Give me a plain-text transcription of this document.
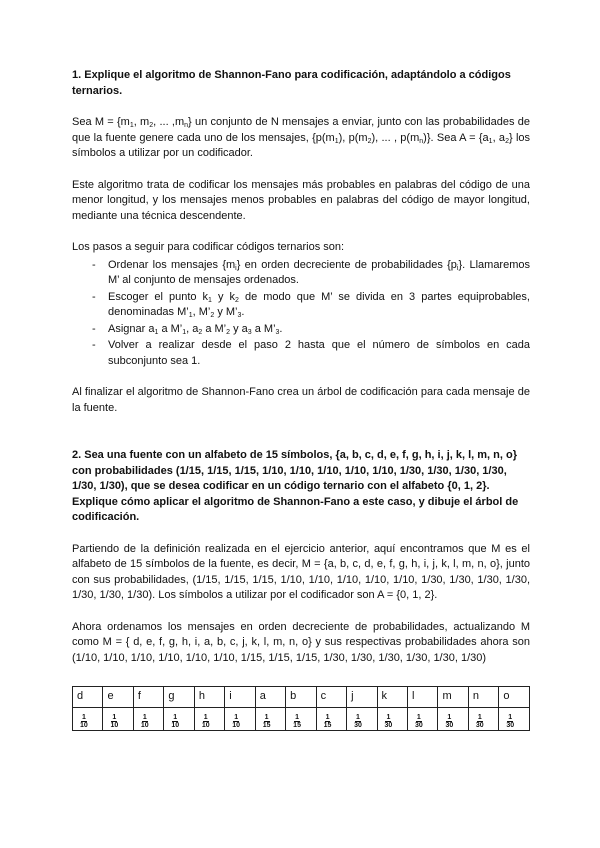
1. Explique el algoritmo de Shannon-Fano para codificación, adaptándolo a códigos ternarios.
Sea $M = \{m_1$, $m_2$, ... $,m_n$} un conjunto de N mensajes a enviar, junto con las probabilidades de que la fuente genere cada uno de los mensajes, {$p(m_1)$, $p(m_2)$, ... , $p(m_n)$}. Sea $A = \{a_1$, $a_2$} los símbolos a utilizar por un codificador.
Este algoritmo trata de codificar los mensajes más probables en palabras del código de una menor longitud, y los mensajes menos probables en palabras del código de mayor longitud, mediante una técnica descendente.
Los pasos a seguir para codificar códigos ternarios son:
- Ordenar los mensajes $\{m_i\}$ en orden decreciente de probabilidades $\{p_i\}$. Llamaremos M’ al conjunto de mensajes ordenados.
- Escoger el punto $k_1$ y $k_2$ de modo que M’ se divida en 3 partes equiprobables, denominadas $M’_1$, $M’_2$ y $M’_3$.
- Asignar $a_1$ a $M’_1$, $a_2$ a $M’_2$ y $a_3$ a $M’_3$.
- Volver a realizar desde el paso 2 hasta que el número de símbolos en cada subconjunto sea 1.
Al finalizar el algoritmo de Shannon-Fano crea un árbol de codificación para cada mensaje de la fuente.
2. Sea una fuente con un alfabeto de 15 símbolos, {a, b, c, d, e, f, g, h, i, j, k, l, m, n, o} con probabilidades (1/15, 1/15, 1/15, 1/10, 1/10, 1/10, 1/10, 1/10, 1/30, 1/30, 1/30, 1/30, 1/30, 1/30), que se desea codificar en un código ternario con el alfabeto {0, 1, 2}. Explique cómo aplicar el algoritmo de Shannon-Fano a este caso, y dibuje el árbol de codificación.
Partiendo de la definición realizada en el ejercicio anterior, aquí encontramos que M es el alfabeto de 15 símbolos de la fuente, es decir, M = {a, b, c, d, e, f, g, h, i, j, k, l, m, n, o}, junto con sus probabilidades, (1/15, 1/15, 1/15, 1/10, 1/10, 1/10, 1/10, 1/10, 1/30, 1/30, 1/30, 1/30, 1/30, 1/30, 1/30). Los símbolos a utilizar por el codificador son A = {0, 1, 2}.
Ahora ordenamos los mensajes en orden decreciente de probabilidades, actualizando M como M = { d, e, f, g, h, i, a, b, c, j, k, l, m, n, o} y sus respectivas probabilidades ahora son (1/10, 1/10, 1/10, 1/10, 1/10, 1/10, 1/15, 1/15, 1/15, 1/30, 1/30, 1/30, 1/30, 1/30, 1/30)
d	e	f	g	h	i	a	b	c	j	k	l	m	n	o

$\frac{1}{10}$	$\frac{1}{10}$	$\frac{1}{10}$	$\frac{1}{10}$	$\frac{1}{10}$	$\frac{1}{10}$	$\frac{1}{15}$	$\frac{1}{15}$	$\frac{1}{15}$	$\frac{1}{30}$	$\frac{1}{30}$	$\frac{1}{30}$	$\frac{1}{30}$	$\frac{1}{30}$	$\frac{1}{30}$
